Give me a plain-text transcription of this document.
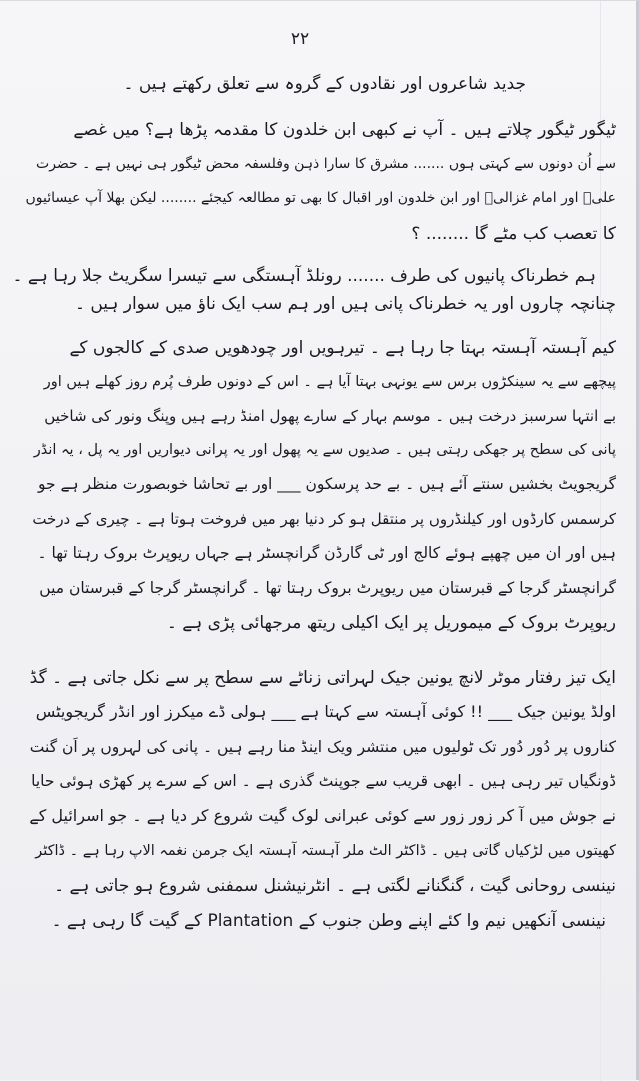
۲۲
جدید شاعروں اور نقادوں کے گروہ سے تعلق رکھتے ہیں ۔
ٹیگور ٹیگور چلاتے ہیں ۔ آپ نے کبھی ابن خلدون کا مقدمہ پڑھا ہے؟ میں غصے
سے اُن دونوں سے کہتی ہوں ....... مشرق کا سارا ذہن وفلسفہ محض ٹیگور ہی نہیں ہے ۔ حضرت
علیؓ اور امام غزالیؒ اور ابن خلدون اور اقبال کا بھی تو مطالعہ کیجئے ........ لیکن بھلا آپ عیسائیوں
کا تعصب کب مٹے گا ........ ؟
ہم خطرناک پانیوں کی طرف ....... رونلڈ آہستگی سے تیسرا سگریٹ جلا رہا ہے ۔
چنانچہ چاروں اور یہ خطرناک پانی ہیں اور ہم سب ایک ناؤ میں سوار ہیں ۔
کیم آہستہ آہستہ بہتا جا رہا ہے ۔ تیرہویں اور چودھویں صدی کے کالجوں کے
پیچھے سے یہ سینکڑوں برس سے یونہی بہتا آیا ہے ۔ اس کے دونوں طرف پُرم روز کھلے ہیں اور
بے انتہا سرسبز درخت ہیں ۔ موسم بہار کے سارے پھول امنڈ رہے ہیں وپنگ ونور کی شاخیں
پانی کی سطح پر جھکی رہتی ہیں ۔ صدیوں سے یہ پھول اور یہ پرانی دیواریں اور یہ پل ، یہ انڈر
گریجویٹ بخشیں سنتے آئے ہیں ۔ بے حد پرسکون ___ اور بے تحاشا خوبصورت منظر ہے جو
کرسمس کارڈوں اور کیلنڈروں پر منتقل ہو کر دنیا بھر میں فروخت ہوتا ہے ۔ چیری کے درخت
ہیں اور ان میں چھپے ہوئے کالج اور ٹی گارڈن گرانچسٹر ہے جہاں ریوپرٹ بروک رہتا تھا ۔
گرانچسٹر گرجا کے قبرستان میں ریوپرٹ بروک رہتا تھا ۔ گرانچسٹر گرجا کے قبرستان میں
ریوپرٹ بروک کے میموریل پر ایک اکیلی ریتھ مرجھائی پڑی ہے ۔
ایک تیز رفتار موٹر لانچ یونین جیک لہراتی زناٹے سے سطح پر سے نکل جاتی ہے ۔ گڈ
اولڈ یونین جیک ___ !! کوئی آہستہ سے کہتا ہے ___ ہولی ڈے میکرز اور انڈر گریجویٹس
کناروں پر دُور دُور تک ٹولیوں میں منتشر ویک اینڈ منا رہے ہیں ۔ پانی کی لہروں پر اَن گنت
ڈونگیاں تیر رہی ہیں ۔ ابھی قریب سے جوپنٹ گذری ہے ۔ اس کے سرے پر کھڑی ہوئی حایا
نے جوش میں آ کر زور زور سے کوئی عبرانی لوک گیت شروع کر دیا ہے ۔ جو اسرائیل کے
کھیتوں میں لڑکیاں گاتی ہیں ۔ ڈاکٹر الٹ ملر آہستہ آہستہ ایک جرمن نغمہ الاپ رہا ہے ۔ ڈاکٹر
نینسی روحانی گیت ، گنگنانے لگتی ہے ۔ انٹرنیشنل سمفنی شروع ہو جاتی ہے ۔
نینسی آنکھیں نیم وا کئے اپنے وطن جنوب کے Plantation کے گیت گا رہی ہے ۔
